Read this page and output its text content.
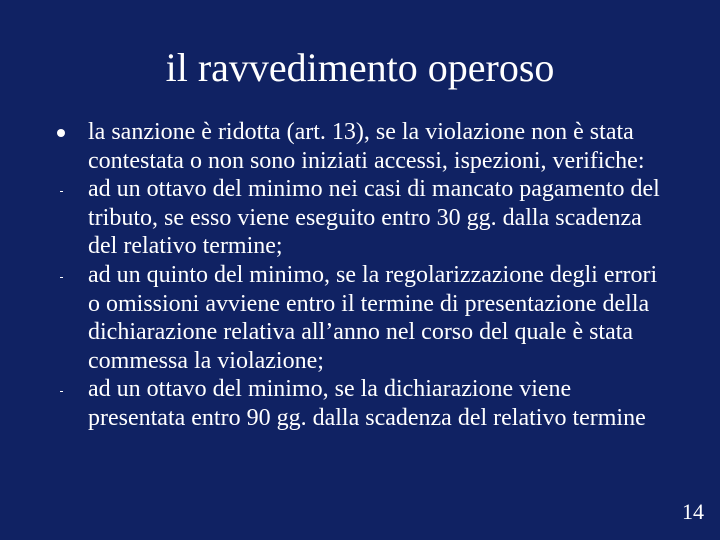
il ravvedimento operoso
la sanzione è ridotta (art. 13), se la violazione non è stata contestata o non sono iniziati accessi, ispezioni, verifiche:
ad un ottavo del minimo nei casi di mancato pagamento del tributo, se esso viene eseguito entro 30 gg. dalla scadenza del relativo termine;
ad un quinto del minimo, se la regolarizzazione degli errori o omissioni avviene entro il termine di presentazione della dichiarazione relativa all’anno nel corso del quale è stata commessa la violazione;
ad un ottavo del minimo, se la dichiarazione viene presentata entro 90 gg. dalla scadenza del relativo termine
14
